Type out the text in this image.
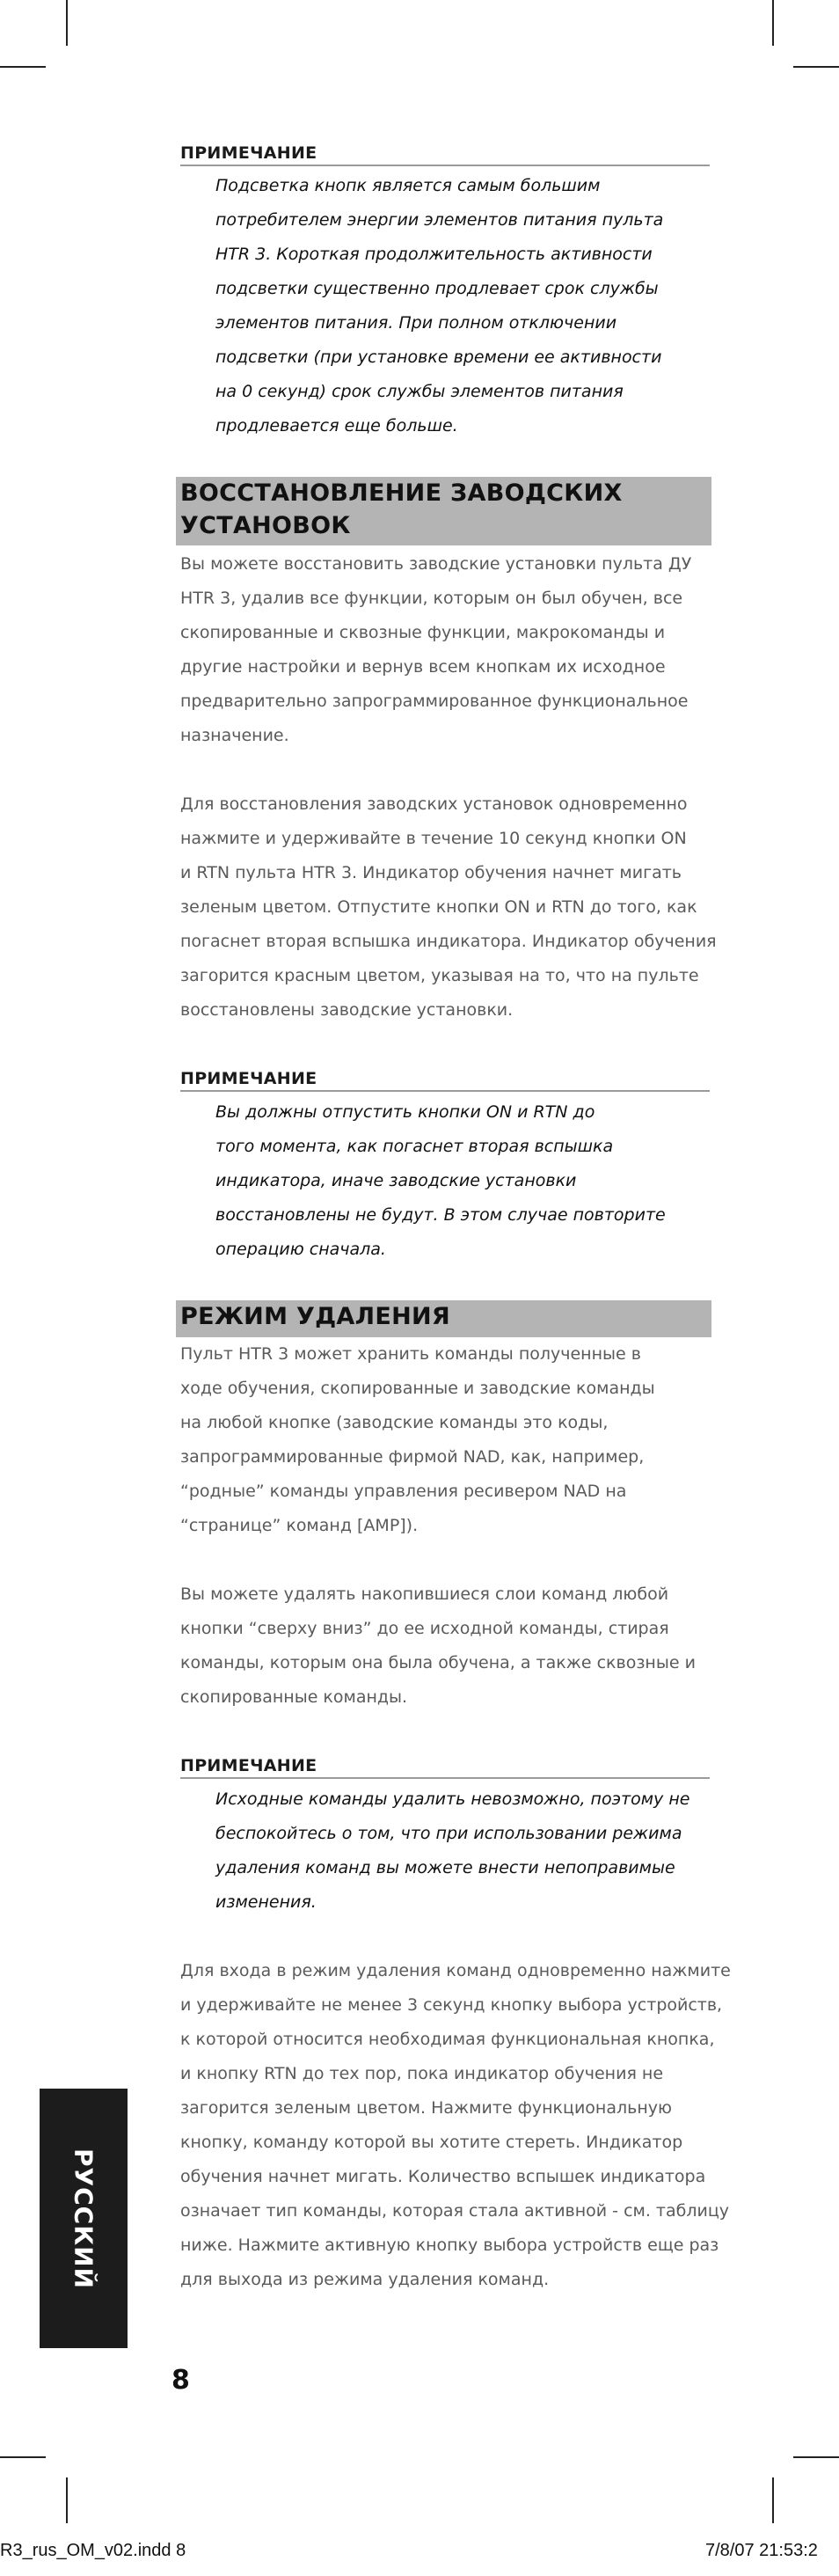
ПРИМЕЧАНИЕ
Подсветка кнопк является самым большим
потребителем энергии элементов питания пульта
HTR 3. Короткая продолжительность активности
подсветки существенно продлевает срок службы
элементов питания. При полном отключении
подсветки (при установке времени ее активности
на 0 секунд) срок службы элементов питания
продлевается еще больше.
ВОССТАНОВЛЕНИЕ ЗАВОДСКИХ
УСТАНОВОК
Вы можете восстановить заводские установки пульта ДУ
HTR 3, удалив все функции, которым он был обучен, все
скопированные и сквозные функции, макрокоманды и
другие настройки и вернув всем кнопкам их исходное
предварительно запрограммированное функциональное
назначение.
Для восстановления заводских установок одновременно
нажмите и удерживайте в течение 10 секунд кнопки ON
и RTN пульта HTR 3. Индикатор обучения начнет мигать
зеленым цветом. Отпустите кнопки ON и RTN до того, как
погаснет вторая вспышка индикатора. Индикатор обучения
загорится красным цветом, указывая на то, что на пульте
восстановлены заводские установки.
ПРИМЕЧАНИЕ
Вы должны отпустить кнопки ON и RTN до
того момента, как погаснет вторая вспышка
индикатора, иначе заводские установки
восстановлены не будут. В этом случае повторите
операцию сначала.
РЕЖИМ УДАЛЕНИЯ
Пульт HTR 3 может хранить команды полученные в
ходе обучения, скопированные и заводские команды
на любой кнопке (заводские команды это коды,
запрограммированные фирмой NAD, как, например,
“родные” команды управления ресивером NAD на
“странице” команд [AMP]).
Вы можете удалять накопившиеся слои команд любой
кнопки “сверху вниз” до ее исходной команды, стирая
команды, которым она была обучена, а также сквозные и
скопированные команды.
ПРИМЕЧАНИЕ
Исходные команды удалить невозможно, поэтому не
беспокойтесь о том, что при использовании режима
удаления команд вы можете внести непоправимые
изменения.
Для входа в режим удаления команд одновременно нажмите
и удерживайте не менее 3 секунд кнопку выбора устройств,
к которой относится необходимая функциональная кнопка,
и кнопку RTN до тех пор, пока индикатор обучения не
загорится зеленым цветом. Нажмите функциональную
кнопку, команду которой вы хотите стереть. Индикатор
обучения начнет мигать. Количество вспышек индикатора
означает тип команды, которая стала активной - см. таблицу
ниже. Нажмите активную кнопку выбора устройств еще раз
для выхода из режима удаления команд.
РУССКИЙ
8
R3_rus_OM_v02.indd 8	7/8/07 21:53:2
